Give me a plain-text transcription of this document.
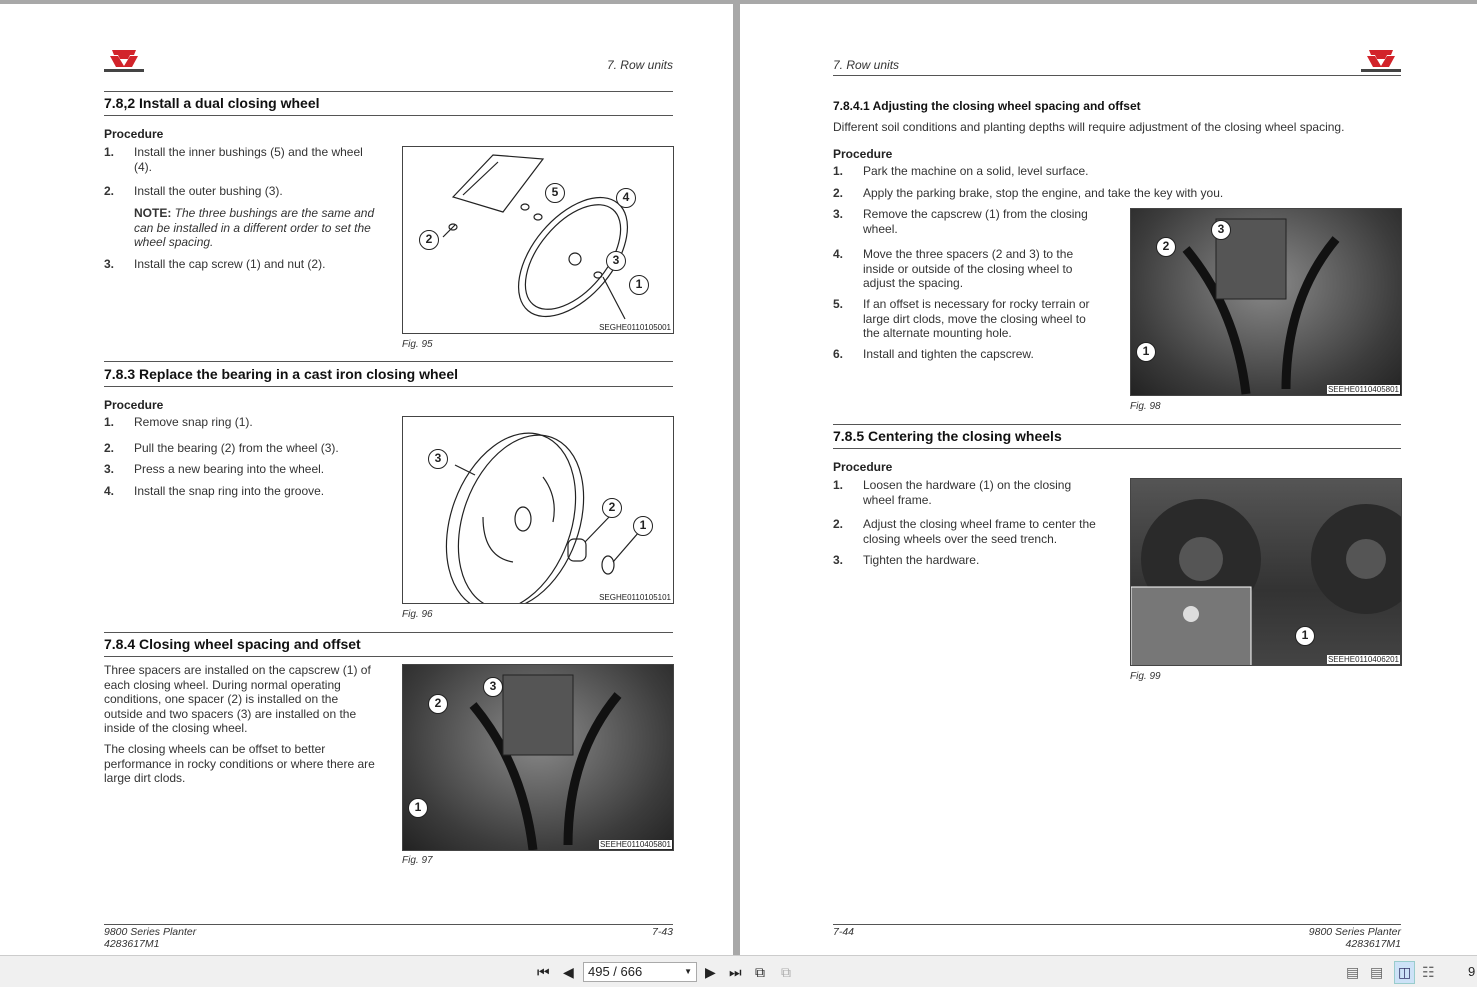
7. Row units
7.8,2 Install a dual closing wheel
Procedure
1. Install the inner bushings (5) and the wheel (4).
2. Install the outer bushing (3).
NOTE: The three bushings are the same and can be installed in a different order to set the wheel spacing.
3. Install the cap screw (1) and nut (2).
5	4
2
3
1
SEGHE0110105001
Fig. 95
7.8.3 Replace the bearing in a cast iron closing wheel
Procedure
1. Remove snap ring (1).
2. Pull the bearing (2) from the wheel (3).
3. Press a new bearing into the wheel.
4. Install the snap ring into the groove.
3
2
1
SEGHE0110105101
Fig. 96
7.8.4 Closing wheel spacing and offset
Three spacers are installed on the capscrew (1) of each closing wheel. During normal operating conditions, one spacer (2) is installed on the outside and two spacers (3) are installed on the inside of the closing wheel.
The closing wheels can be offset to better performance in rocky conditions or where there are large dirt clods.
3
2
1
SEEHE0110405801
Fig. 97
9800 Series Planter
4283617M1
7-43
7. Row units
7.8.4.1 Adjusting the closing wheel spacing and offset
Different soil conditions and planting depths will require adjustment of the closing wheel spacing.
Procedure
1. Park the machine on a solid, level surface.
2. Apply the parking brake, stop the engine, and take the key with you.
3. Remove the capscrew (1) from the closing wheel.
4. Move the three spacers (2 and 3) to the inside or outside of the closing wheel to adjust the spacing.
5. If an offset is necessary for rocky terrain or large dirt clods, move the closing wheel to the alternate mounting hole.
6. Install and tighten the capscrew.
3
2
1
SEEHE0110405801
Fig. 98
7.8.5 Centering the closing wheels
Procedure
1. Loosen the hardware (1) on the closing wheel frame.
2. Adjust the closing wheel frame to center the closing wheels over the seed trench.
3. Tighten the hardware.
1
SEEHE0110406201
Fig. 99
7-44	9800 Series Planter
4283617M1
⏮ ◀	495 / 666	▼ ▶ ⏭ ⧉ ⧉	▤ ▤ ◫ ☷	9
